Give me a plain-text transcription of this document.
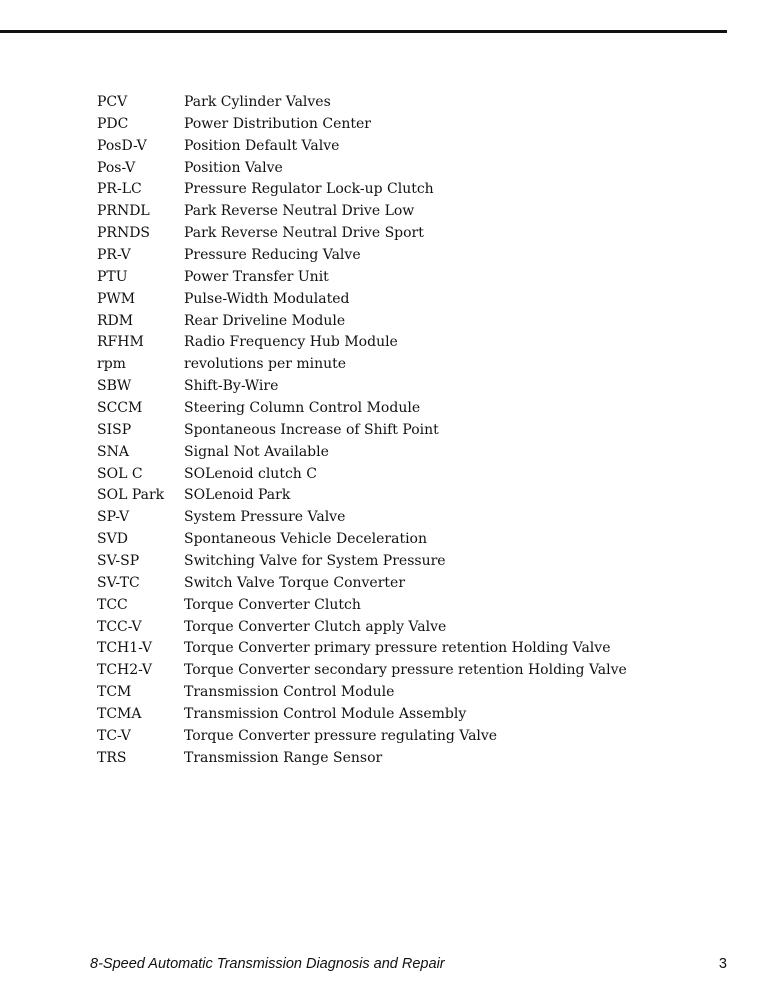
PCV	Park Cylinder Valves
PDC	Power Distribution Center
PosD-V	Position Default Valve
Pos-V	Position Valve
PR-LC	Pressure Regulator Lock-up Clutch
PRNDL	Park Reverse Neutral Drive Low
PRNDS	Park Reverse Neutral Drive Sport
PR-V	Pressure Reducing Valve
PTU	Power Transfer Unit
PWM	Pulse-Width Modulated
RDM	Rear Driveline Module
RFHM	Radio Frequency Hub Module
rpm	revolutions per minute
SBW	Shift-By-Wire
SCCM	Steering Column Control Module
SISP	Spontaneous Increase of Shift Point
SNA	Signal Not Available
SOL C	SOLenoid clutch C
SOL Park	SOLenoid Park
SP-V	System Pressure Valve
SVD	Spontaneous Vehicle Deceleration
SV-SP	Switching Valve for System Pressure
SV-TC	Switch Valve Torque Converter
TCC	Torque Converter Clutch
TCC-V	Torque Converter Clutch apply Valve
TCH1-V	Torque Converter primary pressure retention Holding Valve
TCH2-V	Torque Converter secondary pressure retention Holding Valve
TCM	Transmission Control Module
TCMA	Transmission Control Module Assembly
TC-V	Torque Converter pressure regulating Valve
TRS	Transmission Range Sensor
8-Speed Automatic Transmission Diagnosis and Repair	3
